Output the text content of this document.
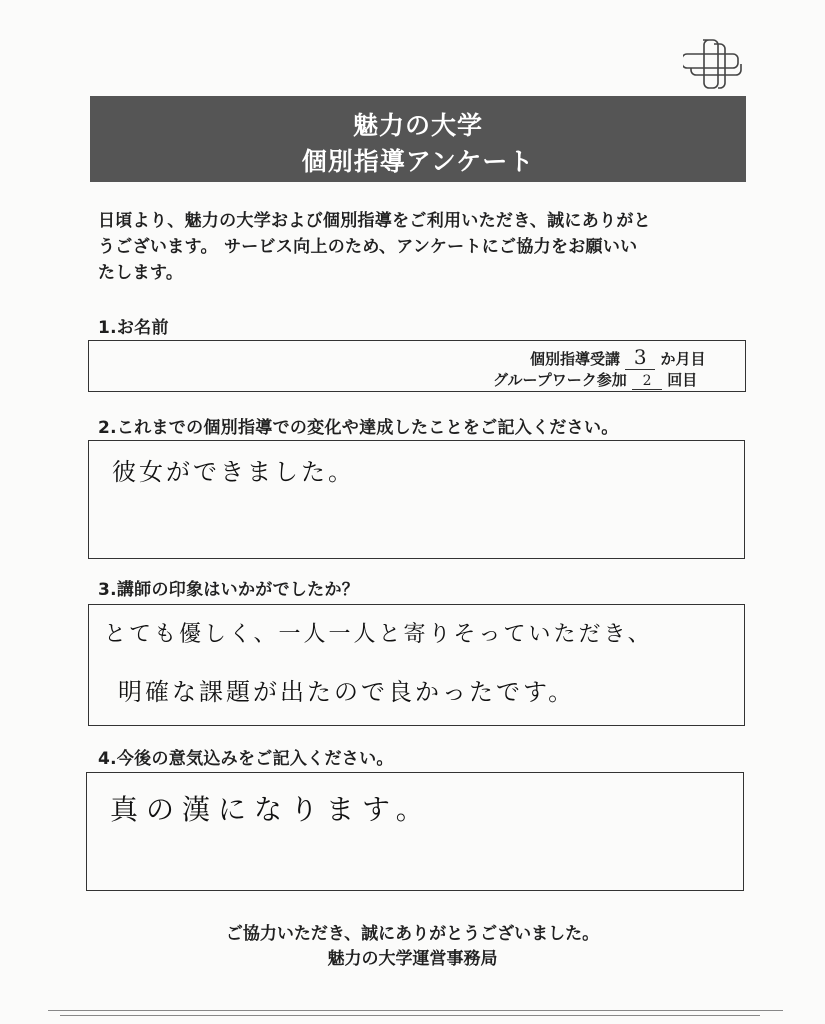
魅力の大学
個別指導アンケート
日頃より、魅力の大学および個別指導をご利用いただき、誠にありがと
うございます。 サービス向上のため、アンケートにご協力をお願いい
たします。
1.お名前
個別指導受講 3 か月目
グループワーク参加 2 回目
2.これまでの個別指導での変化や達成したことをご記入ください。
彼女ができました。
3.講師の印象はいかがでしたか？
とても優しく、一人一人と寄りそっていただき、
明確な課題が出たので良かったです。
4.今後の意気込みをご記入ください。
真の漢になります。
ご協力いただき、誠にありがとうございました。
魅力の大学運営事務局
